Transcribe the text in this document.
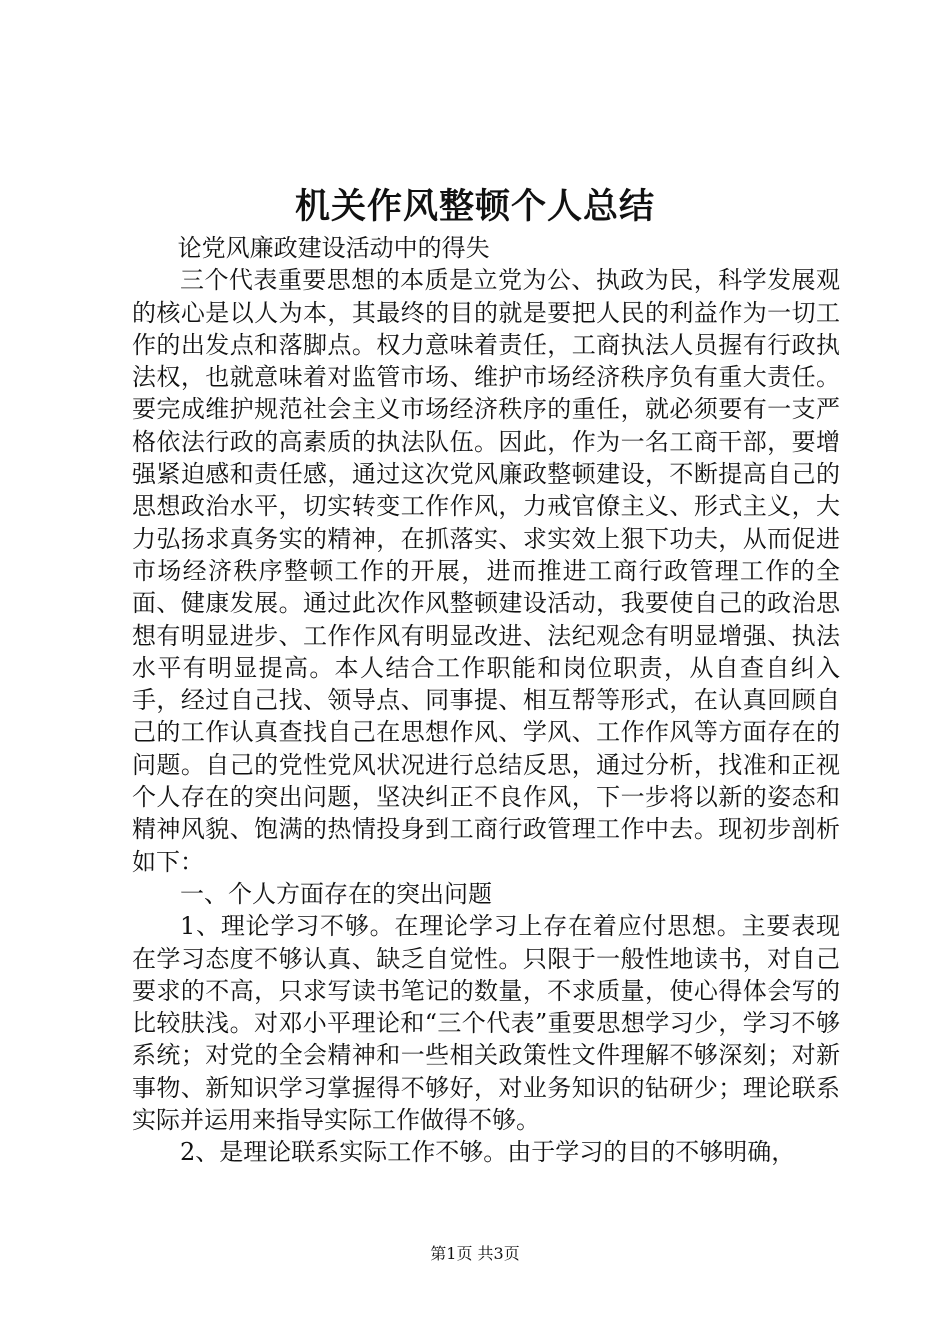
机关作风整顿个人总结
论党风廉政建设活动中的得失

三个代表重要思想的本质是立党为公、执政为民，科学发展观的核心是以人为本，其最终的目的就是要把人民的利益作为一切工作的出发点和落脚点。权力意味着责任，工商执法人员握有行政执法权，也就意味着对监管市场、维护市场经济秩序负有重大责任。要完成维护规范社会主义市场经济秩序的重任，就必须要有一支严格依法行政的高素质的执法队伍。因此，作为一名工商干部，要增强紧迫感和责任感，通过这次党风廉政整顿建设，不断提高自己的思想政治水平，切实转变工作作风，力戒官僚主义、形式主义，大力弘扬求真务实的精神，在抓落实、求实效上狠下功夫，从而促进市场经济秩序整顿工作的开展，进而推进工商行政管理工作的全面、健康发展。通过此次作风整顿建设活动，我要使自己的政治思想有明显进步、工作作风有明显改进、法纪观念有明显增强、执法水平有明显提高。本人结合工作职能和岗位职责，从自查自纠入手，经过自己找、领导点、同事提、相互帮等形式，在认真回顾自己的工作认真查找自己在思想作风、学风、工作作风等方面存在的问题。自己的党性党风状况进行总结反思，通过分析，找准和正视个人存在的突出问题，坚决纠正不良作风，下一步将以新的姿态和精神风貌、饱满的热情投身到工商行政管理工作中去。现初步剖析如下：

一、个人方面存在的突出问题

1、理论学习不够。在理论学习上存在着应付思想。主要表现在学习态度不够认真、缺乏自觉性。只限于一般性地读书，对自己要求的不高，只求写读书笔记的数量，不求质量，使心得体会写的比较肤浅。对邓小平理论和“三个代表”重要思想学习少，学习不够系统；对党的全会精神和一些相关政策性文件理解不够深刻；对新事物、新知识学习掌握得不够好，对业务知识的钻研少；理论联系实际并运用来指导实际工作做得不够。

2、是理论联系实际工作不够。由于学习的目的不够明确，

第1页 共3页
